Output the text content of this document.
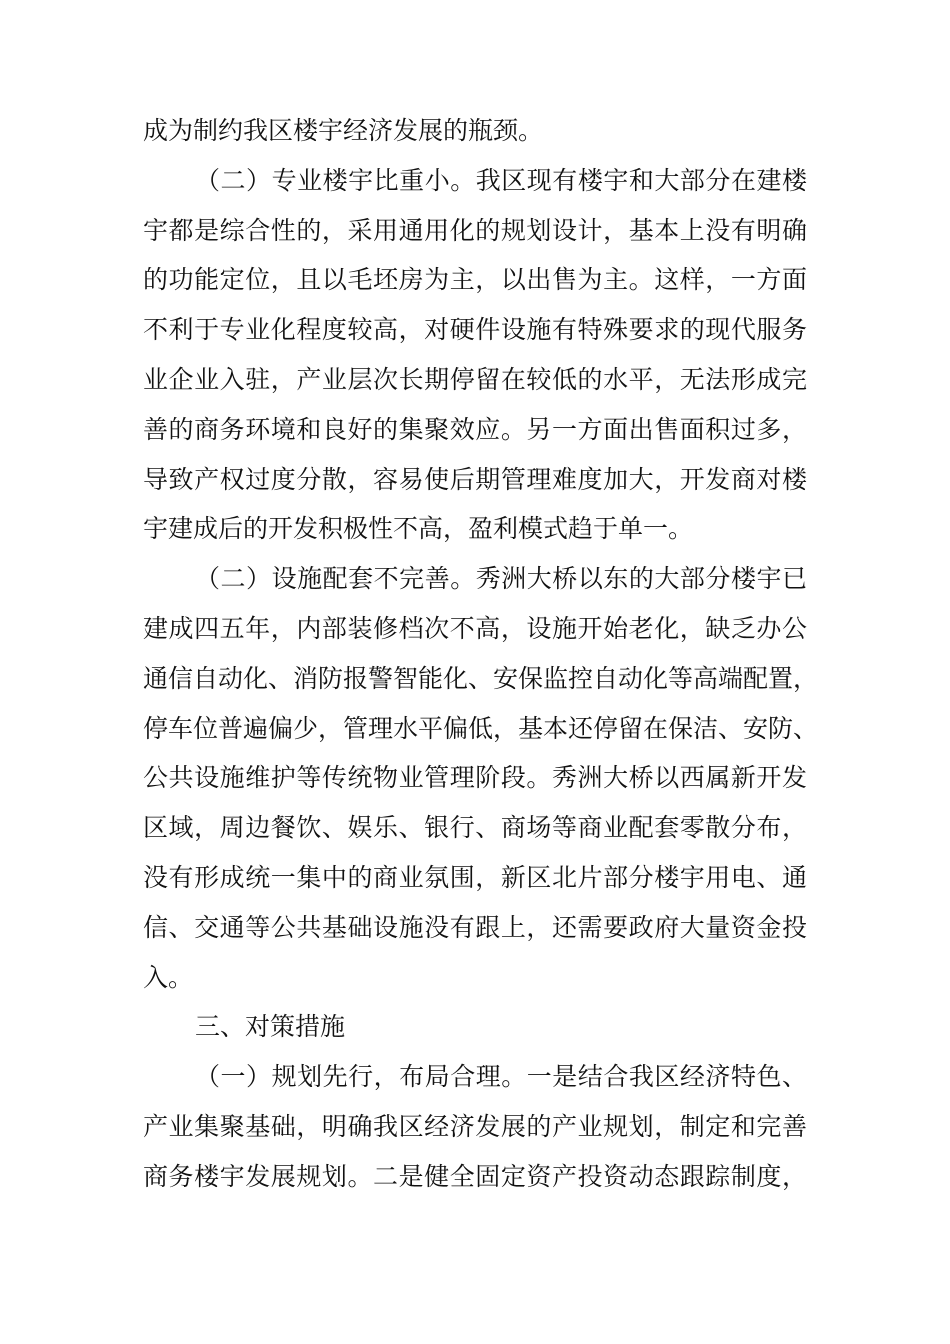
成为制约我区楼宇经济发展的瓶颈。
（二）专业楼宇比重小。我区现有楼宇和大部分在建楼
宇都是综合性的，采用通用化的规划设计，基本上没有明确
的功能定位，且以毛坯房为主，以出售为主。这样，一方面
不利于专业化程度较高，对硬件设施有特殊要求的现代服务
业企业入驻，产业层次长期停留在较低的水平，无法形成完
善的商务环境和良好的集聚效应。另一方面出售面积过多，
导致产权过度分散，容易使后期管理难度加大，开发商对楼
宇建成后的开发积极性不高，盈利模式趋于单一。
（二）设施配套不完善。秀洲大桥以东的大部分楼宇已
建成四五年，内部装修档次不高，设施开始老化，缺乏办公
通信自动化、消防报警智能化、安保监控自动化等高端配置，
停车位普遍偏少，管理水平偏低，基本还停留在保洁、安防、
公共设施维护等传统物业管理阶段。秀洲大桥以西属新开发
区域，周边餐饮、娱乐、银行、商场等商业配套零散分布，
没有形成统一集中的商业氛围，新区北片部分楼宇用电、通
信、交通等公共基础设施没有跟上，还需要政府大量资金投
入。
三、对策措施
（一）规划先行，布局合理。一是结合我区经济特色、
产业集聚基础，明确我区经济发展的产业规划，制定和完善
商务楼宇发展规划。二是健全固定资产投资动态跟踪制度，
